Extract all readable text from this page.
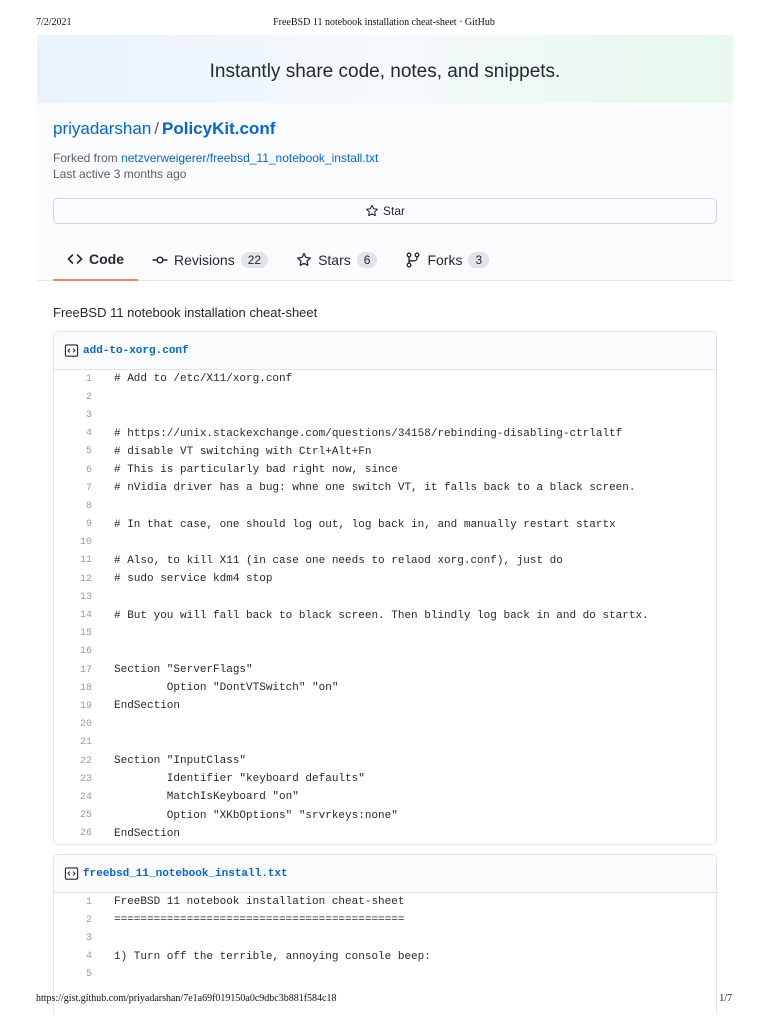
7/2/2021	FreeBSD 11 notebook installation cheat-sheet · GitHub
Instantly share code, notes, and snippets.
priyadarshan / PolicyKit.conf
Forked from netzverweigerer/freebsd_11_notebook_install.txt
Last active 3 months ago
Star
Code	Revisions	22	Stars	6	Forks	3
FreeBSD 11 notebook installation cheat-sheet
add-to-xorg.conf
1	# Add to /etc/X11/xorg.conf
2
3
4	# https://unix.stackexchange.com/questions/34158/rebinding-disabling-ctrlaltf
5	# disable VT switching with Ctrl+Alt+Fn
6	# This is particularly bad right now, since
7	# nVidia driver has a bug: whne one switch VT, it falls back to a black screen.
8
9	# In that case, one should log out, log back in, and manually restart startx
10
11	# Also, to kill X11 (in case one needs to relaod xorg.conf), just do
12	# sudo service kdm4 stop
13
14	# But you will fall back to black screen. Then blindly log back in and do startx.
15
16
17	Section "ServerFlags"
18	Option "DontVTSwitch" "on"
19	EndSection
20
21
22	Section "InputClass"
23	Identifier "keyboard defaults"
24	MatchIsKeyboard "on"
25	Option "XKbOptions" "srvrkeys:none"
26	EndSection
freebsd_11_notebook_install.txt
1	FreeBSD 11 notebook installation cheat-sheet
2	============================================
3
4	1) Turn off the terrible, annoying console beep:
5
https://gist.github.com/priyadarshan/7e1a69f019150a0c9dbc3b881f584c18	1/7
